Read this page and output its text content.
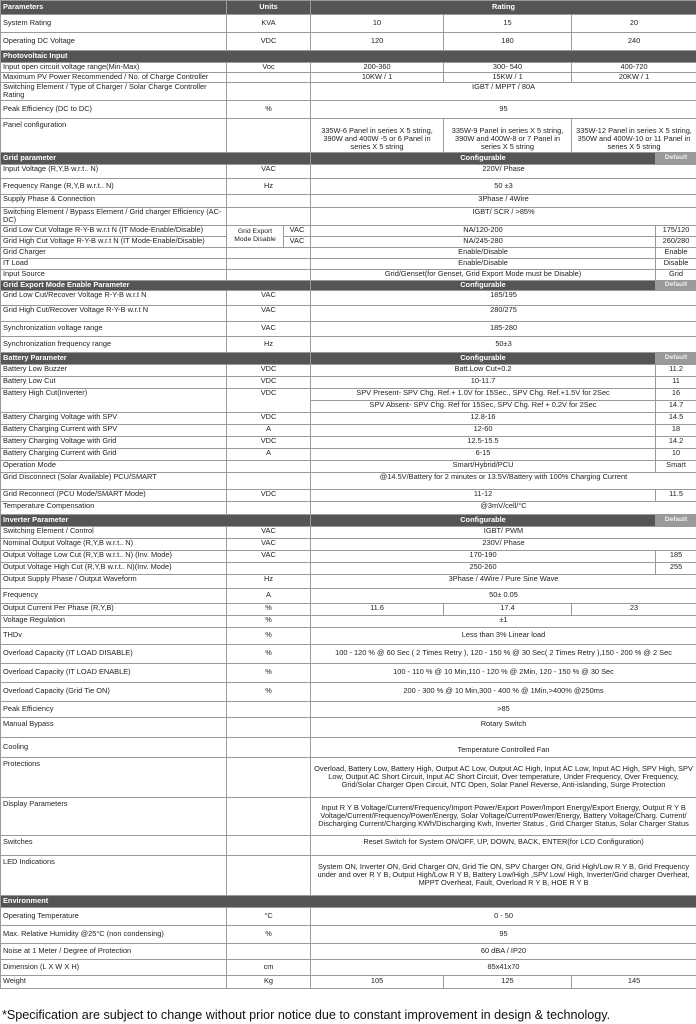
Parameters	Units		Rating			
System Rating	KVA		10	15	20	
Operating DC Voltage	VDC		120	180	240	
Photovoltaic Input						
Input open circuit voltage range(Min-Max)	Voc		200-360	300- 540	400-720	
Maximum PV Power Recommended / No. of Charge Controller			10KW / 1	15KW / 1	20KW / 1	
Switching Element / Type of Charger / Solar Charge Controller Rating			IGBT / MPPT / 80A			
Peak Efficiency (DC to DC)	%		95			
Panel configuration			335W-6 Panel in series X 5 string, 390W and 400W -5 or 6 Panel in series X 5 string	335W-9 Panel in series X 5 string, 390W and 400W-8 or 7 Panel in series X 5 string	335W-12 Panel in series X 5 string, 350W and 400W-10 or 11 Panel in series X 5 string	
Grid parameter			Configurable			Default
Input Voltage (R,Y,B w.r.t.. N)	VAC		220V/ Phase			
Frequency Range (R,Y,B w.r.t.. N)	Hz		50 ±3			
Supply Phase & Connection			3Phase / 4Wire			
Switching Element / Bypass Element / Grid charger Efficiency (AC-DC)			IGBT/ SCR / >85%			
Grid Low Cut Voltage R-Y-B w.r.t N (IT Mode-Enable/Disable)	Grid Export Mode Disable	VAC	NA/120-200			175/120
Grid High Cut Voltage R-Y-B w.r.t N (IT Mode-Enable/Disable)		VAC	NA/245-280			260/280
Grid Charger			Enable/Disable			Enable
IT Load			Enable/Disable			Disable
Input Source			Grid/Genset(for Genset, Grid Export Mode must be Disable)			Grid
Grid Export Mode Enable Parameter			Configurable			Default
Grid Low Cut/Recover Voltage R-Y-B w.r.t N	VAC		185/195			
Grid High Cut/Recover Voltage R-Y-B w.r.t N	VAC		280/275			
Synchronization voltage range	VAC		185-280			
Synchronization frequency range	Hz		50±3			
Battery Parameter			Configurable			Default
Battery Low Buzzer	VDC		Batt.Low Cut+0.2			11.2
Battery Low Cut	VDC		10-11.7			11
Battery High Cut(Inverter)	VDC		SPV Present- SPV Chg. Ref.+ 1.0V for 15Sec., SPV Chg. Ref.+1.5V for 2Sec			16
			SPV Absent- SPV Chg. Ref for 15Sec, SPV Chg. Ref + 0.2V for 2Sec			14.7
Battery Charging Voltage with SPV	VDC		12.8-16			14.5
Battery Charging Current with SPV	A		12-60			18
Battery Charging Voltage with Grid	VDC		12.5-15.5			14.2
Battery Charging Current with Grid	A		6-15			10
Operation Mode			Smart/Hybrid/PCU			Smart
Grid Disconnect (Solar Available) PCU/SMART			@14.5V/Battery for 2 minutes or 13.5V/Battery with 100% Charging Current			
Grid Reconnect (PCU Mode/SMART Mode)	VDC		11-12			11.5
Temperature Compensation			@3mV/cell/°C			
Inverter Parameter			Configurable			Default
Switching Element / Control	VAC		IGBT/ PWM			
Nominal Output Voltage (R,Y,B w.r.t.. N)	VAC		230V/ Phase			
Output Voltage Low Cut (R,Y,B w.r.t.. N) (Inv. Mode)	VAC		170-190			185
Output Voltage High Cut (R,Y,B w.r.t.. N)(Inv. Mode)			250-260			255
Output Supply Phase / Output Waveform	Hz		3Phase / 4Wire / Pure Sine Wave			
Frequency	A		50± 0.05			
Output Current Per Phase (R,Y,B)	%		11.6	17.4	23	
Voltage Regulation	%		±1			
THDv	%		Less than 3% Linear load			
Overload Capacity (IT LOAD DISABLE)	%		100 - 120 % @ 60 Sec ( 2 Times Retry ), 120 - 150 % @ 30 Sec( 2 Times Retry ),150 - 200 % @ 2 Sec			
Overload Capacity (IT LOAD ENABLE)	%		100 - 110 % @ 10 Min,110 - 120 % @ 2Min, 120 - 150 % @ 30 Sec			
Overload Capacity (Grid Tie ON)	%		200 - 300 % @ 10 Min,300 - 400 % @ 1Min,>400% @250ms			
Peak Efficiency			>85			
Manual Bypass			Rotary Switch			
Cooling			Temperature Controlled Fan			
Protections			Overload, Battery Low, Battery High, Output AC Low, Output AC High, Input AC Low, Input AC High, SPV High, SPV Low, Output AC Short Circuit, Input AC Short Circuit, Over temperature, Under Frequency, Over Frequency, Grid/Solar Charger Open Circuit, NTC Open, Solar Panel Reverse, Anti-islanding, Surge Protection			
Display Parameters			Input R Y B Voltage/Current/Frequency/Import Power/Export Power/Import Energy/Export Energy, Output R Y B Voltage/Current/Frequency/Power/Energy, Solar Voltage/Current/Power/Energy, Battery Voltage/Charg. Current/ Discharging Current/Charging KWh/Discharging Kwh, Inverter Status , Grid Charger Status, Solar Charger Status			
Switches			Reset Switch for System ON/OFF, UP, DOWN, BACK, ENTER(for LCD Configuration)			
LED Indications			System ON, Inverter ON, Grid Charger ON, Grid Tie ON, SPV Charger ON, Grid High/Low R Y B, Grid Frequency under and over R Y B, Output High/Low R Y B, Battery Low/High ,SPV Low/ High, Inverter/Grid charger Overheat, MPPT Overheat, Fault, Overload R Y B, HOE R Y B			
Environment						
Operating Temperature	°C		0 - 50			
Max. Relative Humidity @25°C (non condensing)	%		95			
Noise at 1 Meter / Degree of Protection			60 dBA / IP20			
Dimension (L X W X H)	cm		85x41x70			
Weight	Kg		105	125	145	
*Specification are subject to change without prior notice due to constant improvement in design & technology.
